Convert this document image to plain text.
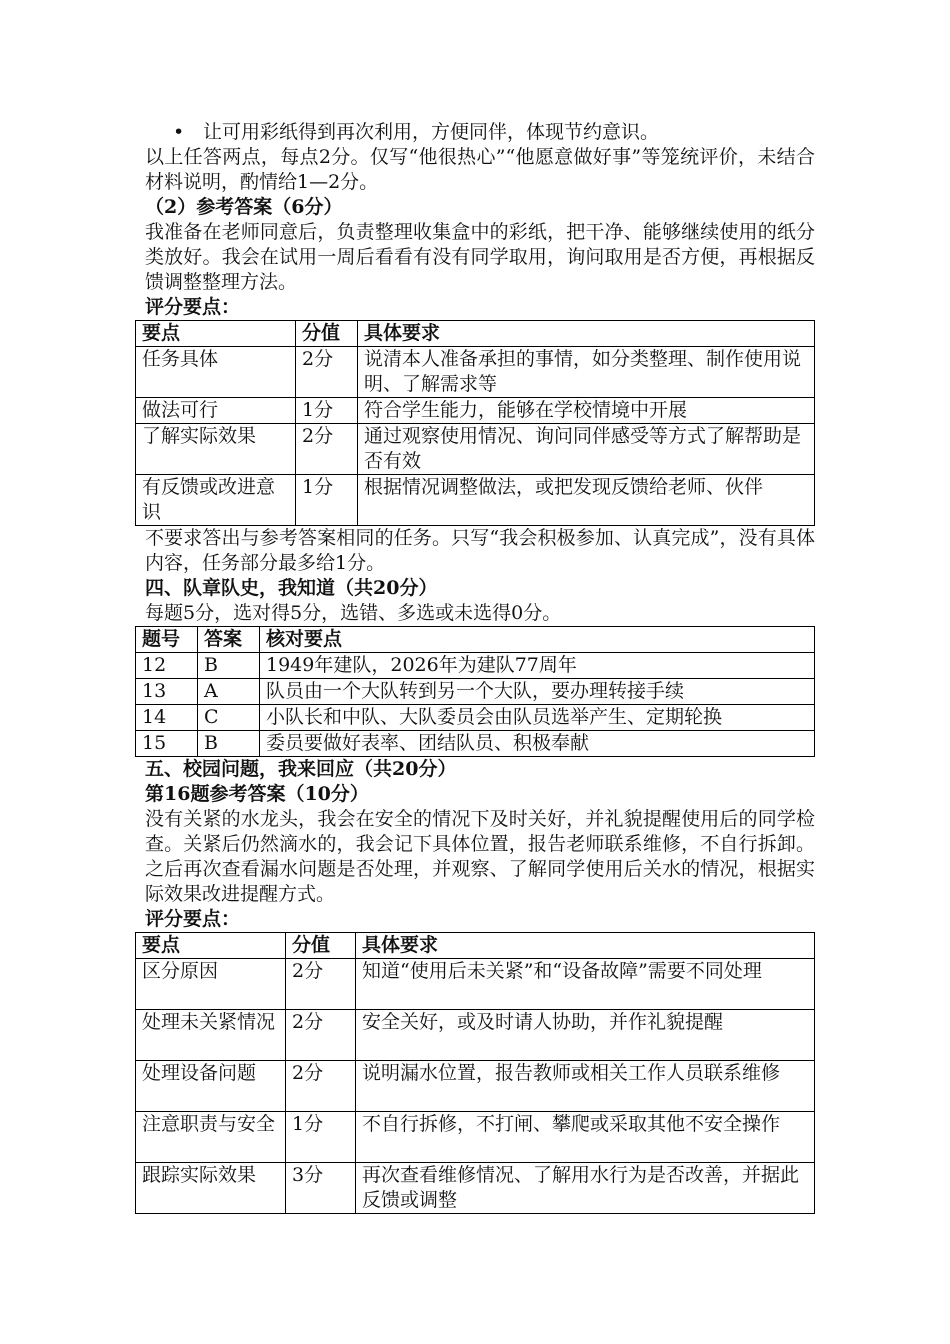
• 让可用彩纸得到再次利用，方便同伴，体现节约意识。

以上任答两点，每点2分。仅写“他很热心”“他愿意做好事”等笼统评价，未结合材料说明，酌情给1—2分。

（2）参考答案（6分）

我准备在老师同意后，负责整理收集盒中的彩纸，把干净、能够继续使用的纸分类放好。我会在试用一周后看看有没有同学取用，询问取用是否方便，再根据反馈调整整理方法。

评分要点：

要点	分值	具体要求
任务具体	2分	说清本人准备承担的事情，如分类整理、制作使用说明、了解需求等
做法可行	1分	符合学生能力，能够在学校情境中开展
了解实际效果	2分	通过观察使用情况、询问同伴感受等方式了解帮助是否有效
有反馈或改进意识	1分	根据情况调整做法，或把发现反馈给老师、伙伴

不要求答出与参考答案相同的任务。只写“我会积极参加、认真完成”，没有具体内容，任务部分最多给1分。

四、队章队史，我知道（共20分）

每题5分，选对得5分，选错、多选或未选得0分。

题号	答案	核对要点
12	B	1949年建队，2026年为建队77周年
13	A	队员由一个大队转到另一个大队，要办理转接手续
14	C	小队长和中队、大队委员会由队员选举产生、定期轮换
15	B	委员要做好表率、团结队员、积极奉献

五、校园问题，我来回应（共20分）

第16题参考答案（10分）

没有关紧的水龙头，我会在安全的情况下及时关好，并礼貌提醒使用后的同学检查。关紧后仍然滴水的，我会记下具体位置，报告老师联系维修，不自行拆卸。之后再次查看漏水问题是否处理，并观察、了解同学使用后关水的情况，根据实际效果改进提醒方式。

评分要点：

要点	分值	具体要求
区分原因	2分	知道“使用后未关紧”和“设备故障”需要不同处理
处理未关紧情况	2分	安全关好，或及时请人协助，并作礼貌提醒
处理设备问题	2分	说明漏水位置，报告教师或相关工作人员联系维修
注意职责与安全	1分	不自行拆修，不打闸、攀爬或采取其他不安全操作
跟踪实际效果	3分	再次查看维修情况、了解用水行为是否改善，并据此反馈或调整
